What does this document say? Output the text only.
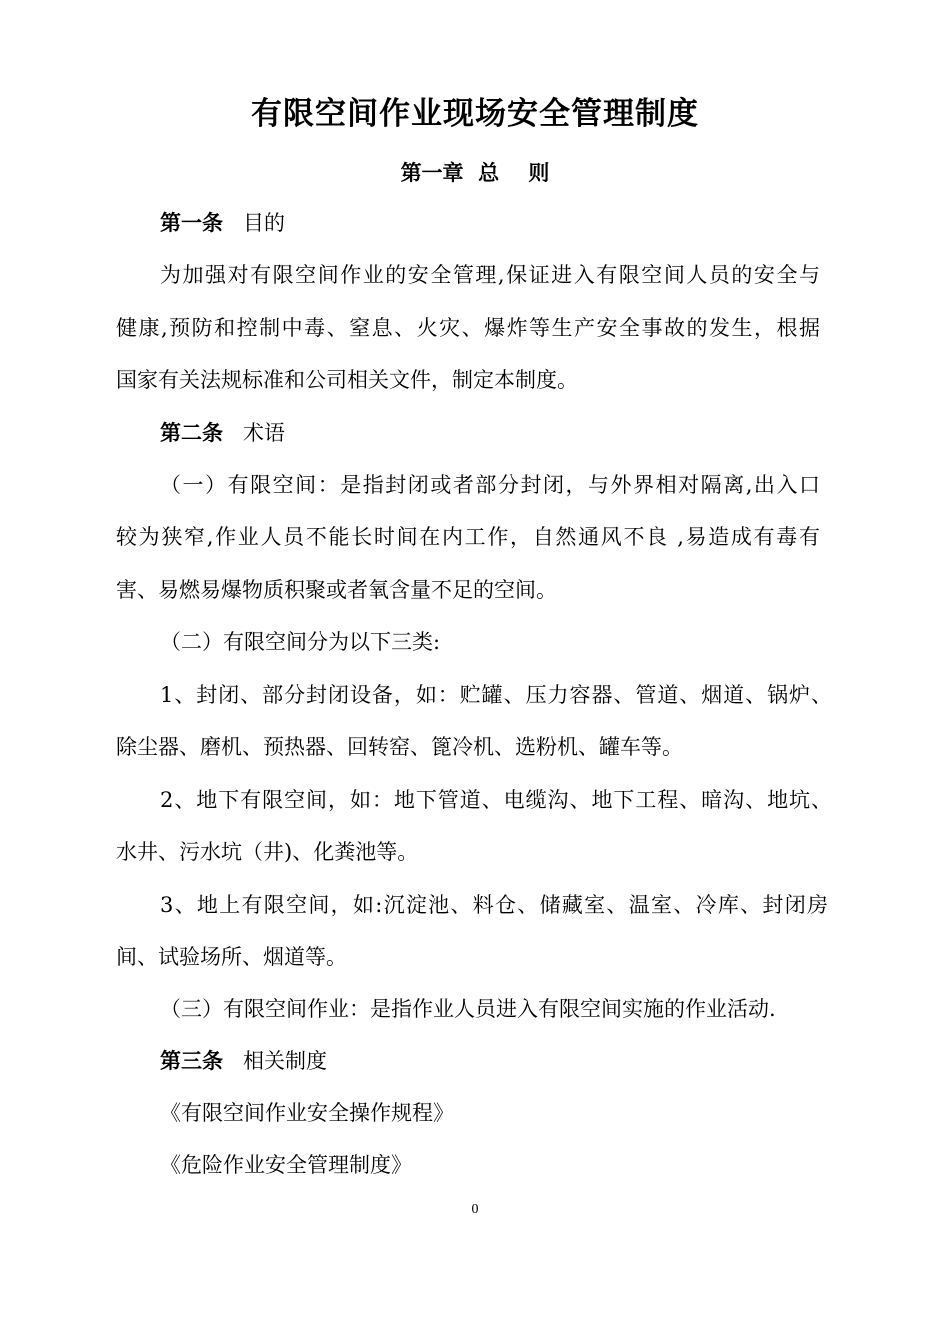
有限空间作业现场安全管理制度
第一章  总    则
第一条 目的
为加强对有限空间作业的安全管理,保证进入有限空间人员的安全与
健康,预防和控制中毒、窒息、火灾、爆炸等生产安全事故的发生，根据
国家有关法规标准和公司相关文件，制定本制度。
第二条 术语
（一）有限空间：是指封闭或者部分封闭，与外界相对隔离,出入口
较为狭窄,作业人员不能长时间在内工作，自然通风不良 ,易造成有毒有
害、易燃易爆物质积聚或者氧含量不足的空间。
（二）有限空间分为以下三类:
1、封闭、部分封闭设备，如：贮罐、压力容器、管道、烟道、锅炉、
除尘器、磨机、预热器、回转窑、篦冷机、选粉机、罐车等。
2、地下有限空间，如：地下管道、电缆沟、地下工程、暗沟、地坑、
水井、污水坑（井)、化粪池等。
3、地上有限空间，如:沉淀池、料仓、储藏室、温室、冷库、封闭房
间、试验场所、烟道等。
（三）有限空间作业：是指作业人员进入有限空间实施的作业活动.
第三条 相关制度
《有限空间作业安全操作规程》
《危险作业安全管理制度》
0
